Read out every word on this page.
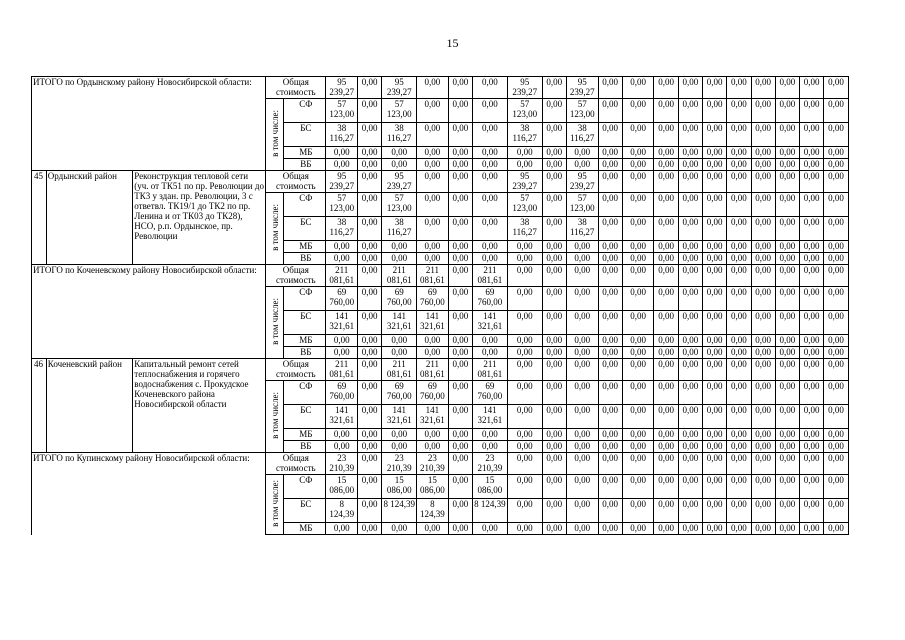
15
ИТОГО по Ордынскому району Новосибирской области:			Общая стоимость		95 239,27	0,00	95 239,27	0,00	0,00	0,00	95 239,27	0,00	95 239,27	0,00	0,00	0,00	0,00	0,00	0,00	0,00	0,00	0,00	0,00
			в том числе:	СФ	57 123,00	0,00	57 123,00	0,00	0,00	0,00	57 123,00	0,00	57 123,00	0,00	0,00	0,00	0,00	0,00	0,00	0,00	0,00	0,00	0,00
				БС	38 116,27	0,00	38 116,27	0,00	0,00	0,00	38 116,27	0,00	38 116,27	0,00	0,00	0,00	0,00	0,00	0,00	0,00	0,00	0,00	0,00
				МБ	0,00	0,00	0,00	0,00	0,00	0,00	0,00	0,00	0,00	0,00	0,00	0,00	0,00	0,00	0,00	0,00	0,00	0,00	0,00
				ВБ	0,00	0,00	0,00	0,00	0,00	0,00	0,00	0,00	0,00	0,00	0,00	0,00	0,00	0,00	0,00	0,00	0,00	0,00	0,00
45	Ордынский район	Реконструкция тепловой сети (уч. от ТК51 по пр. Революции до ТК3 у здан. пр. Революции, 3 с ответвл. ТК19/1 до ТК2 по пр. Ленина и от ТК03 до ТК28), НСО, р.п. Ордынское, пр. Революции	Общая стоимость		95 239,27	0,00	95 239,27	0,00	0,00	0,00	95 239,27	0,00	95 239,27	0,00	0,00	0,00	0,00	0,00	0,00	0,00	0,00	0,00	0,00
			в том числе:	СФ	57 123,00	0,00	57 123,00	0,00	0,00	0,00	57 123,00	0,00	57 123,00	0,00	0,00	0,00	0,00	0,00	0,00	0,00	0,00	0,00	0,00
				БС	38 116,27	0,00	38 116,27	0,00	0,00	0,00	38 116,27	0,00	38 116,27	0,00	0,00	0,00	0,00	0,00	0,00	0,00	0,00	0,00	0,00
				МБ	0,00	0,00	0,00	0,00	0,00	0,00	0,00	0,00	0,00	0,00	0,00	0,00	0,00	0,00	0,00	0,00	0,00	0,00	0,00
				ВБ	0,00	0,00	0,00	0,00	0,00	0,00	0,00	0,00	0,00	0,00	0,00	0,00	0,00	0,00	0,00	0,00	0,00	0,00	0,00
ИТОГО по Коченевскому району Новосибирской области:			Общая стоимость		211 081,61	0,00	211 081,61	211 081,61	0,00	211 081,61	0,00	0,00	0,00	0,00	0,00	0,00	0,00	0,00	0,00	0,00	0,00	0,00	0,00
			в том числе:	СФ	69 760,00	0,00	69 760,00	69 760,00	0,00	69 760,00	0,00	0,00	0,00	0,00	0,00	0,00	0,00	0,00	0,00	0,00	0,00	0,00	0,00
				БС	141 321,61	0,00	141 321,61	141 321,61	0,00	141 321,61	0,00	0,00	0,00	0,00	0,00	0,00	0,00	0,00	0,00	0,00	0,00	0,00	0,00
				МБ	0,00	0,00	0,00	0,00	0,00	0,00	0,00	0,00	0,00	0,00	0,00	0,00	0,00	0,00	0,00	0,00	0,00	0,00	0,00
				ВБ	0,00	0,00	0,00	0,00	0,00	0,00	0,00	0,00	0,00	0,00	0,00	0,00	0,00	0,00	0,00	0,00	0,00	0,00	0,00
46	Коченевский район	Капитальный ремонт сетей теплоснабжения и горячего водоснабжения с. Прокудское Коченевского района Новосибирской области	Общая стоимость		211 081,61	0,00	211 081,61	211 081,61	0,00	211 081,61	0,00	0,00	0,00	0,00	0,00	0,00	0,00	0,00	0,00	0,00	0,00	0,00	0,00
			в том числе:	СФ	69 760,00	0,00	69 760,00	69 760,00	0,00	69 760,00	0,00	0,00	0,00	0,00	0,00	0,00	0,00	0,00	0,00	0,00	0,00	0,00	0,00
				БС	141 321,61	0,00	141 321,61	141 321,61	0,00	141 321,61	0,00	0,00	0,00	0,00	0,00	0,00	0,00	0,00	0,00	0,00	0,00	0,00	0,00
				МБ	0,00	0,00	0,00	0,00	0,00	0,00	0,00	0,00	0,00	0,00	0,00	0,00	0,00	0,00	0,00	0,00	0,00	0,00	0,00
				ВБ	0,00	0,00	0,00	0,00	0,00	0,00	0,00	0,00	0,00	0,00	0,00	0,00	0,00	0,00	0,00	0,00	0,00	0,00	0,00
ИТОГО по Купинскому району Новосибирской области:			Общая стоимость		23 210,39	0,00	23 210,39	23 210,39	0,00	23 210,39	0,00	0,00	0,00	0,00	0,00	0,00	0,00	0,00	0,00	0,00	0,00	0,00	0,00
			в том числе:	СФ	15 086,00	0,00	15 086,00	15 086,00	0,00	15 086,00	0,00	0,00	0,00	0,00	0,00	0,00	0,00	0,00	0,00	0,00	0,00	0,00	0,00
				БС	8 124,39	0,00	8 124,39	8 124,39	0,00	8 124,39	0,00	0,00	0,00	0,00	0,00	0,00	0,00	0,00	0,00	0,00	0,00	0,00	0,00
				МБ	0,00	0,00	0,00	0,00	0,00	0,00	0,00	0,00	0,00	0,00	0,00	0,00	0,00	0,00	0,00	0,00	0,00	0,00	0,00
